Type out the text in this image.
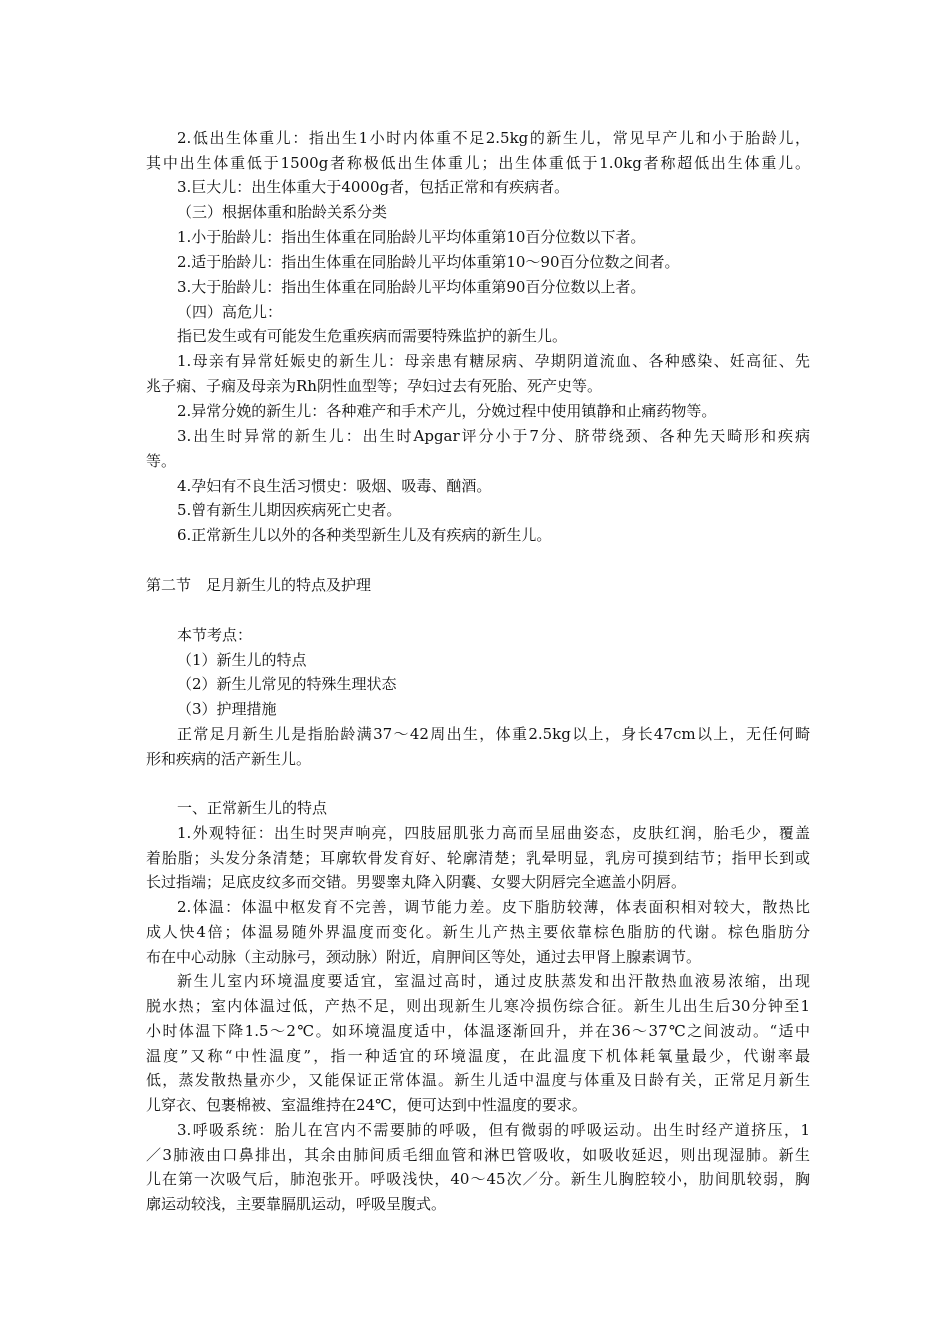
2.低出生体重儿：指出生1小时内体重不足2.5kg的新生儿，常见早产儿和小于胎龄儿，
其中出生体重低于1500g者称极低出生体重儿；出生体重低于1.0kg者称超低出生体重儿。
3.巨大儿：出生体重大于4000g者，包括正常和有疾病者。
（三）根据体重和胎龄关系分类
1.小于胎龄儿：指出生体重在同胎龄儿平均体重第10百分位数以下者。
2.适于胎龄儿：指出生体重在同胎龄儿平均体重第10～90百分位数之间者。
3.大于胎龄儿：指出生体重在同胎龄儿平均体重第90百分位数以上者。
（四）高危儿：
指已发生或有可能发生危重疾病而需要特殊监护的新生儿。
1.母亲有异常妊娠史的新生儿：母亲患有糖尿病、孕期阴道流血、各种感染、妊高征、先
兆子痫、子痫及母亲为Rh阴性血型等；孕妇过去有死胎、死产史等。
2.异常分娩的新生儿：各种难产和手术产儿，分娩过程中使用镇静和止痛药物等。
3.出生时异常的新生儿：出生时Apgar评分小于7分、脐带绕颈、各种先天畸形和疾病
等。
4.孕妇有不良生活习惯史：吸烟、吸毒、酗酒。
5.曾有新生儿期因疾病死亡史者。
6.正常新生儿以外的各种类型新生儿及有疾病的新生儿。
第二节　足月新生儿的特点及护理
本节考点：
（1）新生儿的特点
（2）新生儿常见的特殊生理状态
（3）护理措施
正常足月新生儿是指胎龄满37～42周出生，体重2.5kg以上，身长47cm以上，无任何畸
形和疾病的活产新生儿。
一、正常新生儿的特点
1.外观特征：出生时哭声响亮，四肢屈肌张力高而呈屈曲姿态，皮肤红润，胎毛少，覆盖
着胎脂；头发分条清楚；耳廓软骨发育好、轮廓清楚；乳晕明显，乳房可摸到结节；指甲长到或
长过指端；足底皮纹多而交错。男婴睾丸降入阴囊、女婴大阴唇完全遮盖小阴唇。
2.体温：体温中枢发育不完善，调节能力差。皮下脂肪较薄，体表面积相对较大，散热比
成人快4倍；体温易随外界温度而变化。新生儿产热主要依靠棕色脂肪的代谢。棕色脂肪分
布在中心动脉（主动脉弓，颈动脉）附近，肩胛间区等处，通过去甲肾上腺素调节。
新生儿室内环境温度要适宜，室温过高时，通过皮肤蒸发和出汗散热血液易浓缩，出现
脱水热；室内体温过低，产热不足，则出现新生儿寒冷损伤综合征。新生儿出生后30分钟至1
小时体温下降1.5～2℃。如环境温度适中，体温逐渐回升，并在36～37℃之间波动。“适中
温度”又称“中性温度”，指一种适宜的环境温度，在此温度下机体耗氧量最少，代谢率最
低，蒸发散热量亦少，又能保证正常体温。新生儿适中温度与体重及日龄有关，正常足月新生
儿穿衣、包裹棉被、室温维持在24℃，便可达到中性温度的要求。
3.呼吸系统：胎儿在宫内不需要肺的呼吸，但有微弱的呼吸运动。出生时经产道挤压，1
／3肺液由口鼻排出，其余由肺间质毛细血管和淋巴管吸收，如吸收延迟，则出现湿肺。新生
儿在第一次吸气后，肺泡张开。呼吸浅快，40～45次／分。新生儿胸腔较小，肋间肌较弱，胸
廓运动较浅，主要靠膈肌运动，呼吸呈腹式。
